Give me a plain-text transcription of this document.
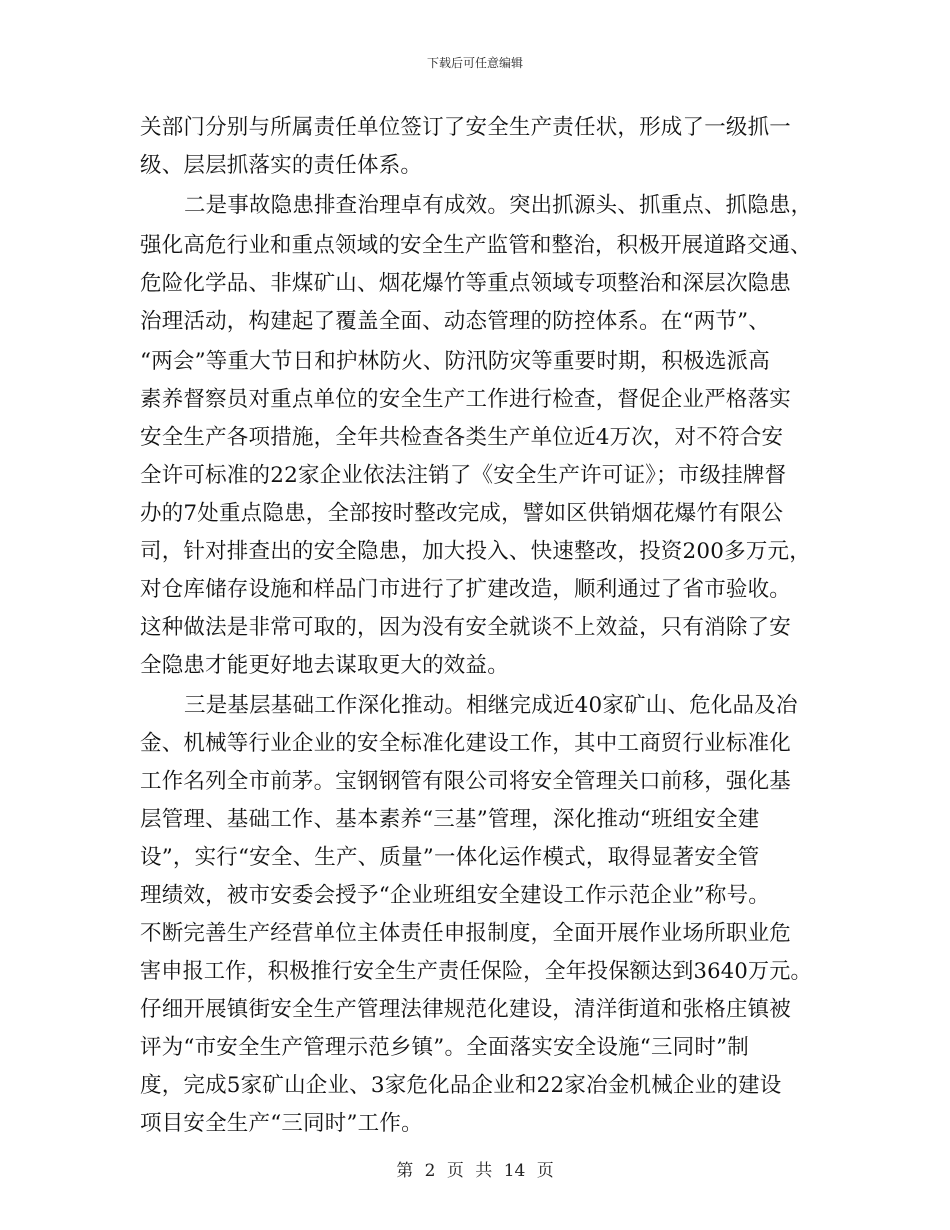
下载后可任意编辑
关部门分别与所属责任单位签订了安全生产责任状，形成了一级抓一
级、层层抓落实的责任体系。
二是事故隐患排查治理卓有成效。突出抓源头、抓重点、抓隐患，
强化高危行业和重点领域的安全生产监管和整治，积极开展道路交通、
危险化学品、非煤矿山、烟花爆竹等重点领域专项整治和深层次隐患
治理活动，构建起了覆盖全面、动态管理的防控体系。在“两节”、
“两会”等重大节日和护林防火、防汛防灾等重要时期，积极选派高
素养督察员对重点单位的安全生产工作进行检查，督促企业严格落实
安全生产各项措施，全年共检查各类生产单位近4万次，对不符合安
全许可标准的22家企业依法注销了《安全生产许可证》；市级挂牌督
办的7处重点隐患，全部按时整改完成，譬如区供销烟花爆竹有限公
司，针对排查出的安全隐患，加大投入、快速整改，投资200多万元，
对仓库储存设施和样品门市进行了扩建改造，顺利通过了省市验收。
这种做法是非常可取的，因为没有安全就谈不上效益，只有消除了安
全隐患才能更好地去谋取更大的效益。
三是基层基础工作深化推动。相继完成近40家矿山、危化品及冶
金、机械等行业企业的安全标准化建设工作，其中工商贸行业标准化
工作名列全市前茅。宝钢钢管有限公司将安全管理关口前移，强化基
层管理、基础工作、基本素养“三基”管理，深化推动“班组安全建
设”，实行“安全、生产、质量”一体化运作模式，取得显著安全管
理绩效，被市安委会授予“企业班组安全建设工作示范企业”称号。
不断完善生产经营单位主体责任申报制度，全面开展作业场所职业危
害申报工作，积极推行安全生产责任保险，全年投保额达到3640万元。
仔细开展镇街安全生产管理法律规范化建设，清洋街道和张格庄镇被
评为“市安全生产管理示范乡镇”。全面落实安全设施“三同时”制
度，完成5家矿山企业、3家危化品企业和22家冶金机械企业的建设
项目安全生产“三同时”工作。
第 2 页 共 14 页
